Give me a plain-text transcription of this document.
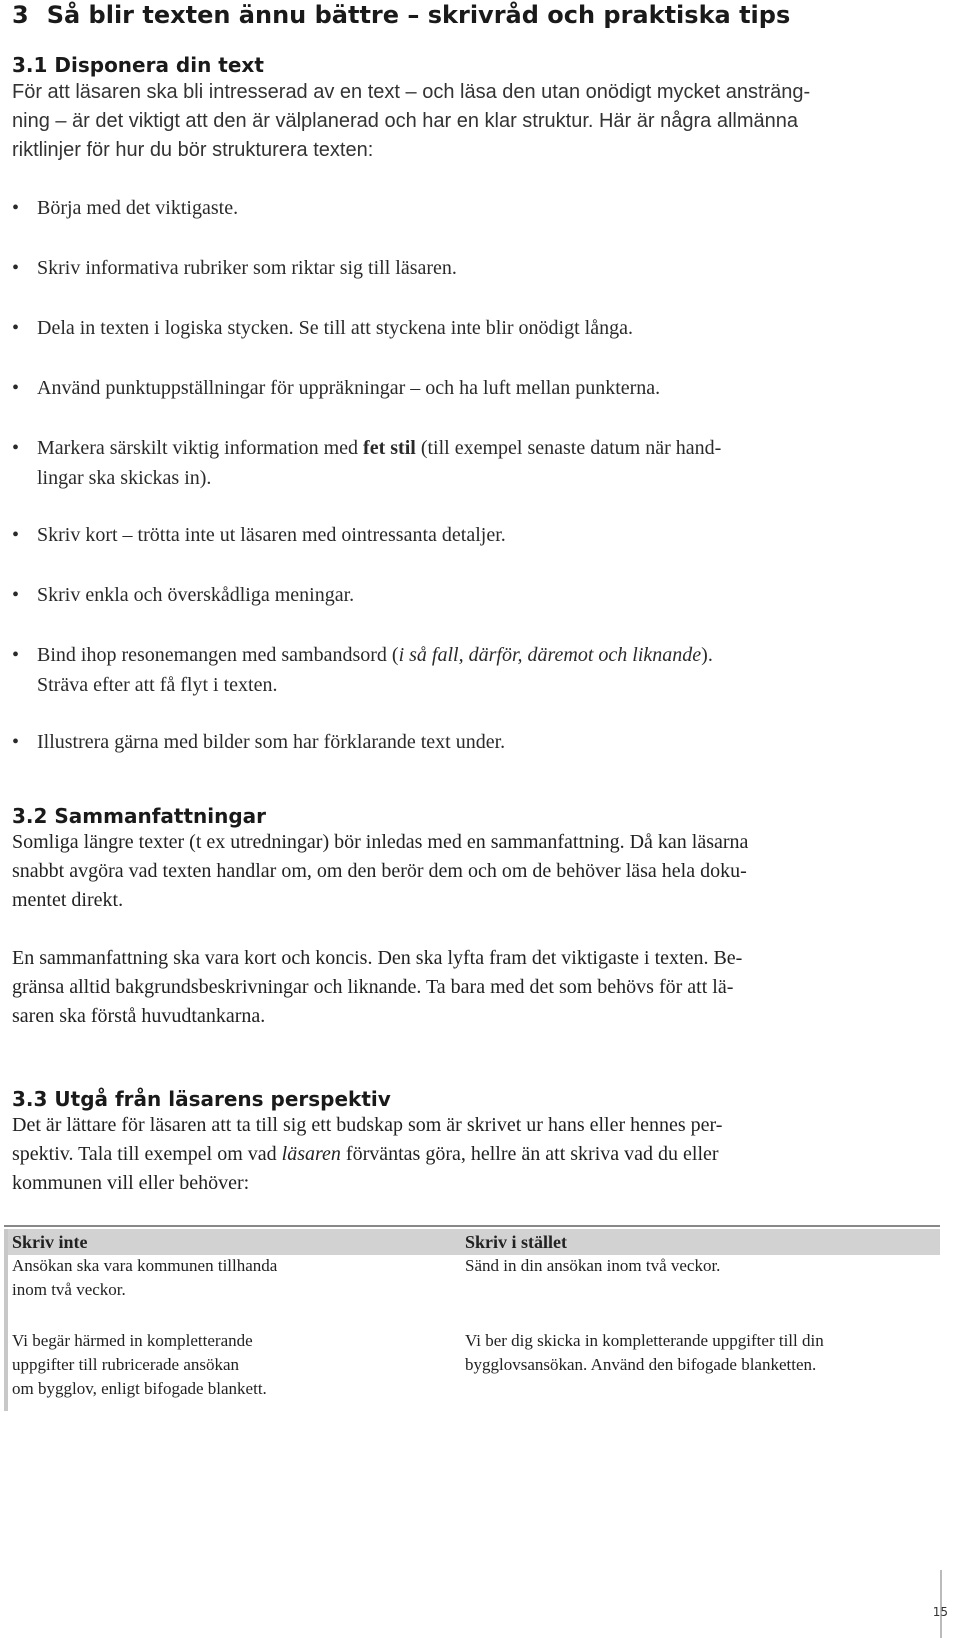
3 Så blir texten ännu bättre – skrivråd och praktiska tips
3.1 Disponera din text

För att läsaren ska bli intresserad av en text – och läsa den utan onödigt mycket ansträng-

ning – är det viktigt att den är välplanerad och har en klar struktur. Här är några allmänna

riktlinjer för hur du bör strukturera texten:

• Börja med det viktigaste.
• Skriv informativa rubriker som riktar sig till läsaren.
• Dela in texten i logiska stycken. Se till att styckena inte blir onödigt långa.
• Använd punktuppställningar för uppräkningar – och ha luft mellan punkterna.
• Markera särskilt viktig information med fet stil (till exempel senaste datum när hand-
lingar ska skickas in).
• Skriv kort – trötta inte ut läsaren med ointressanta detaljer.
• Skriv enkla och överskådliga meningar.
• Bind ihop resonemangen med sambandsord (i så fall, därför, däremot och liknande).
Sträva efter att få flyt i texten.
• Illustrera gärna med bilder som har förklarande text under.
3.2 Sammanfattningar
Somliga längre texter (t ex utredningar) bör inledas med en sammanfattning. Då kan läsarna
snabbt avgöra vad texten handlar om, om den berör dem och om de behöver läsa hela doku-
mentet direkt.
En sammanfattning ska vara kort och koncis. Den ska lyfta fram det viktigaste i texten. Be-
gränsa alltid bakgrundsbeskrivningar och liknande. Ta bara med det som behövs för att lä-
saren ska förstå huvudtankarna.
3.3 Utgå från läsarens perspektiv
Det är lättare för läsaren att ta till sig ett budskap som är skrivet ur hans eller hennes per-
spektiv. Tala till exempel om vad läsaren förväntas göra, hellre än att skriva vad du eller
kommunen vill eller behöver:
Skriv inte	Skriv i stället
Ansökan ska vara kommunen tillhanda
inom två veckor.
Sänd in din ansökan inom två veckor.
Vi begär härmed in kompletterande
uppgifter till rubricerade ansökan
om bygglov, enligt bifogade blankett.
Vi ber dig skicka in kompletterande uppgifter till din
bygglovsansökan. Använd den bifogade blanketten.
15
